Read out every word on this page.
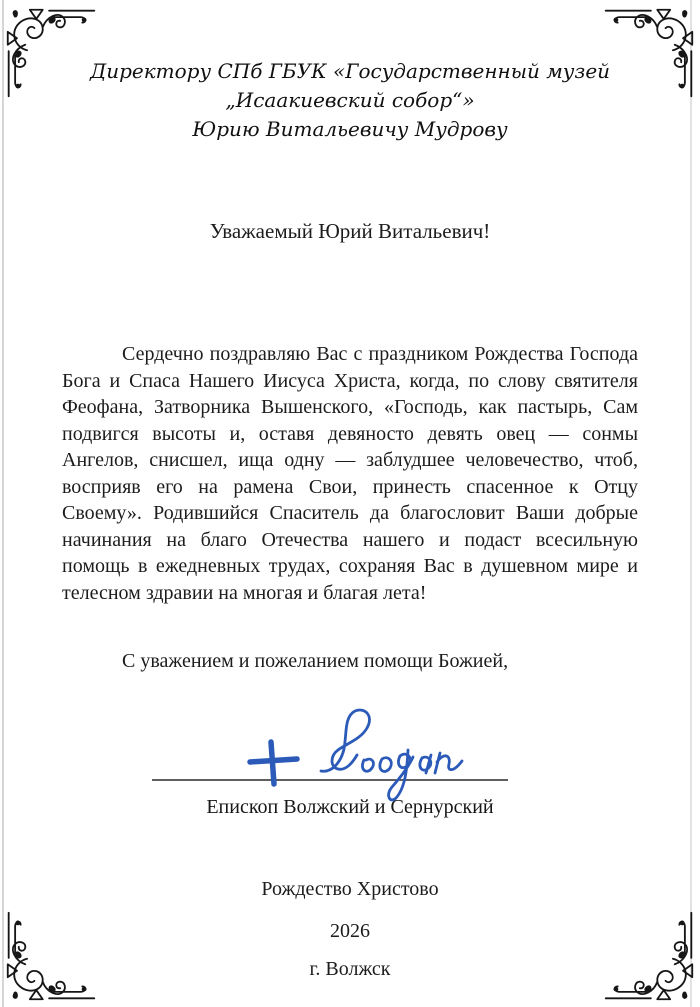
Директору СПб ГБУК «Государственный музей
„Исаакиевский собор“»
Юрию Витальевичу Мудрову
Уважаемый Юрий Витальевич!

Сердечно поздравляю Вас с праздником Рождества Господа Бога и Спаса Нашего Иисуса Христа, когда, по слову святителя Феофана, Затворника Вышенского, «Господь, как пастырь, Сам подвигся высоты и, оставя девяносто девять овец — сонмы Ангелов, снисшел, ища одну — заблудшее человечество, чтоб, восприяв его на рамена Свои, принесть спасенное к Отцу Своему». Родившийся Спаситель да благословит Ваши добрые начинания на благо Отечества нашего и подаст всесильную помощь в ежедневных трудах, сохраняя Вас в душевном мире и телесном здравии на многая и благая лета!

С уважением и пожеланием помощи Божией,
Епископ Волжский и Сернурский
Рождество Христово
2026
г. Волжск
